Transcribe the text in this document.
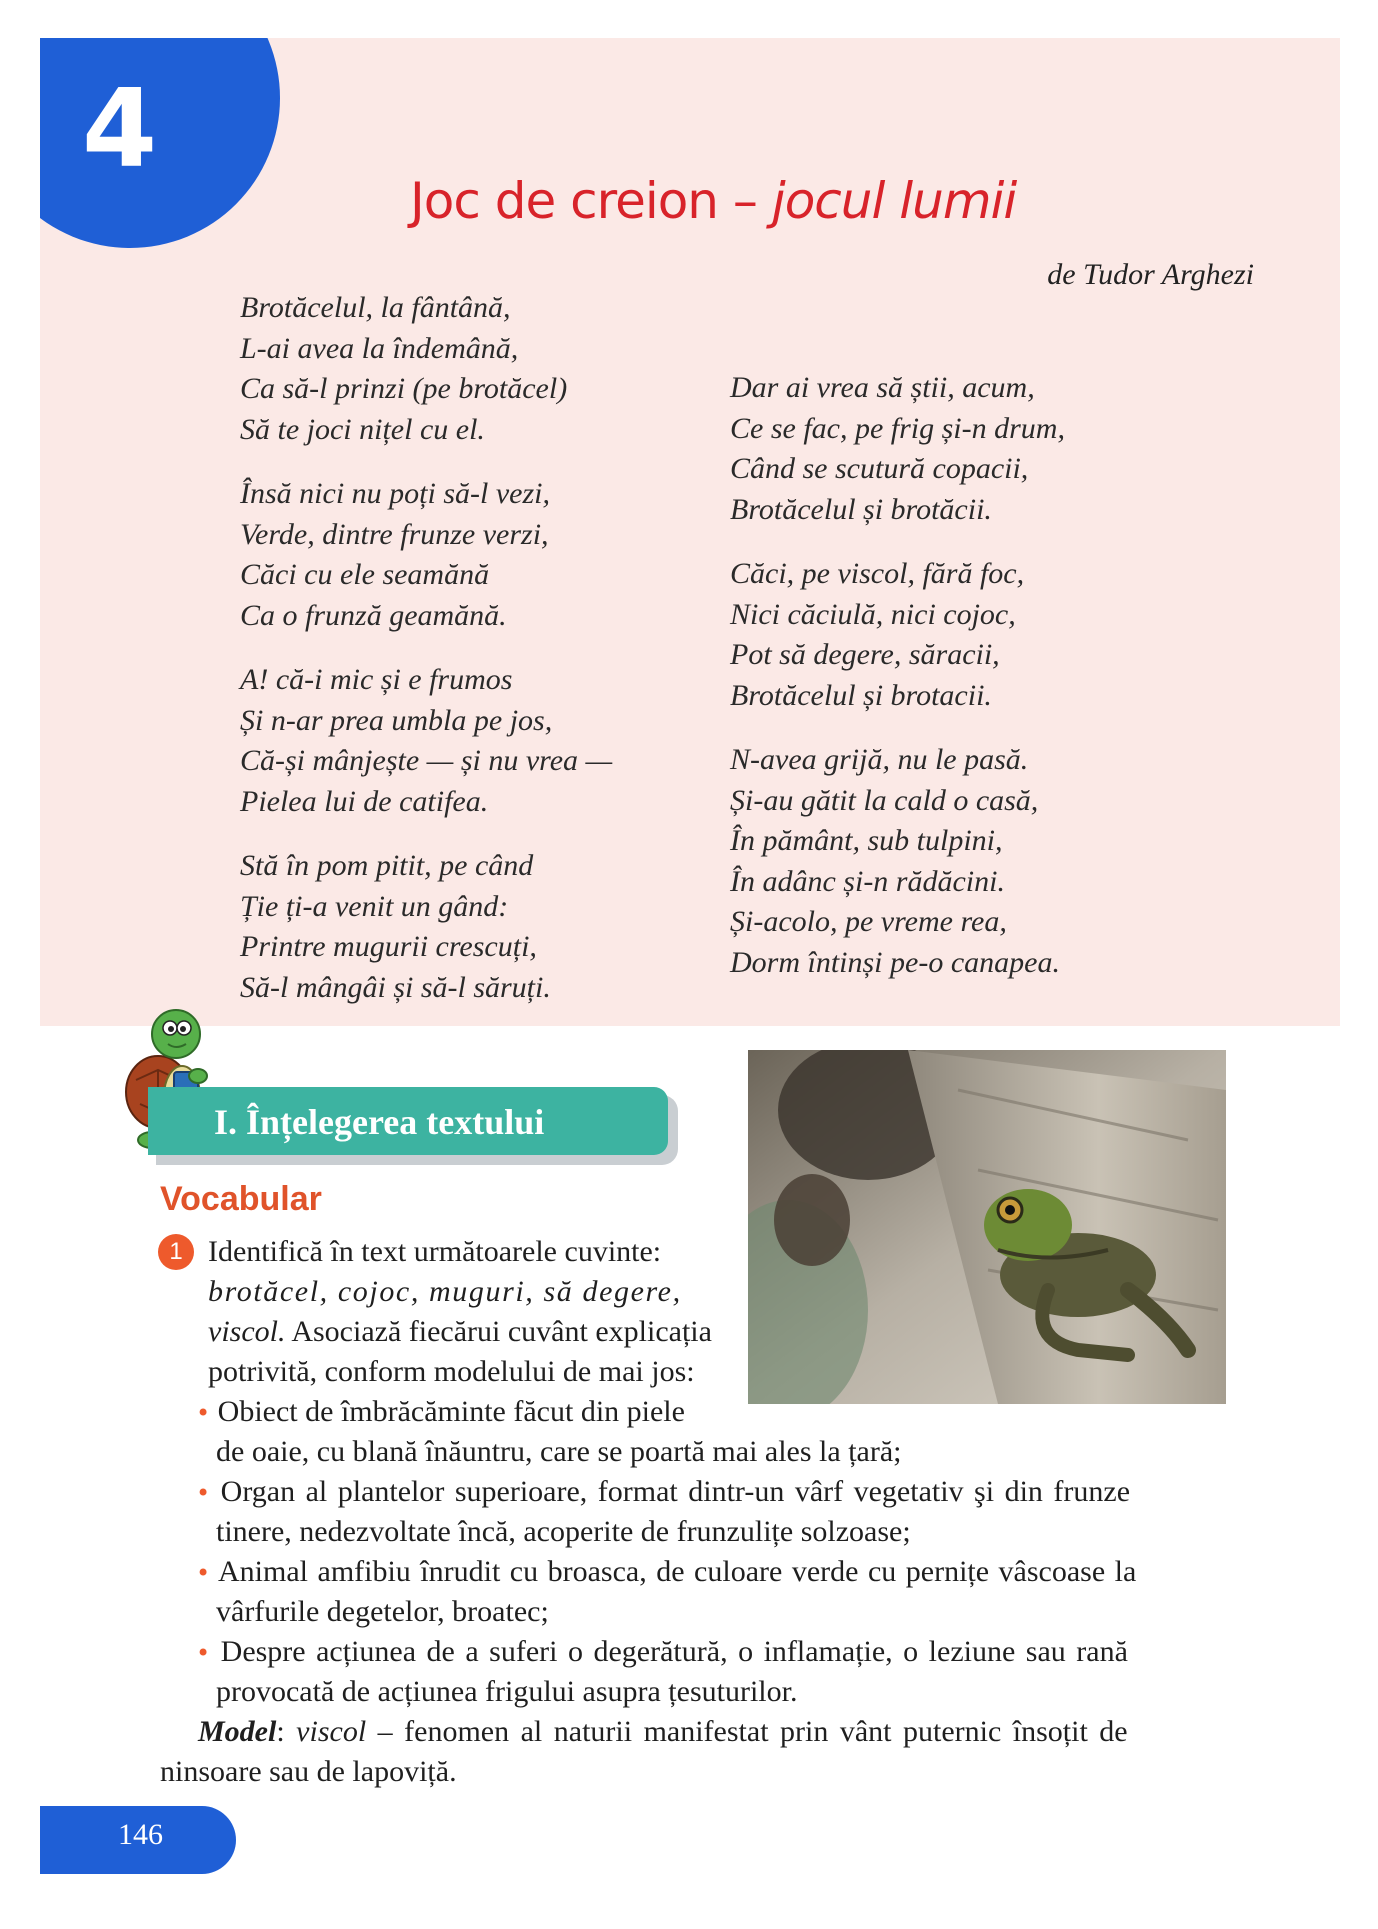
4
Joc de creion – jocul lumii
de Tudor Arghezi
Brotăcelul, la fântână,
L-ai avea la îndemână,
Ca să-l prinzi (pe brotăcel)
Să te joci nițel cu el.
Însă nici nu poți să-l vezi,
Verde, dintre frunze verzi,
Căci cu ele seamănă
Ca o frunză geamănă.
A! că-i mic și e frumos
Și n-ar prea umbla pe jos,
Că-și mânjește — și nu vrea —
Pielea lui de catifea.
Stă în pom pitit, pe când
Ție ți-a venit un gând:
Printre mugurii crescuți,
Să-l mângâi și să-l săruți.
Dar ai vrea să știi, acum,
Ce se fac, pe frig și-n drum,
Când se scutură copacii,
Brotăcelul și brotăcii.
Căci, pe viscol, fără foc,
Nici căciulă, nici cojoc,
Pot să degere, săracii,
Brotăcelul și brotacii.
N-avea grijă, nu le pasă.
Și-au gătit la cald o casă,
În pământ, sub tulpini,
În adânc și-n rădăcini.
Și-acolo, pe vreme rea,
Dorm întinși pe-o canapea.
I. Înțelegerea textului
Vocabular
1 Identifică în text următoarele cuvinte:
brotăcel, cojoc, muguri, să degere,
viscol. Asociază fiecărui cuvânt explicația
potrivită, conform modelului de mai jos:
• Obiect de îmbrăcăminte făcut din piele
de oaie, cu blană înăuntru, care se poartă mai ales la țară;
• Organ al plantelor superioare, format dintr-un vârf vegetativ şi din frunze
tinere, nedezvoltate încă, acoperite de frunzulițe solzoase;
• Animal amfibiu înrudit cu broasca, de culoare verde cu pernițe vâscoase la
vârfurile degetelor, broatec;
• Despre acțiunea de a suferi o degerătură, o inflamație, o leziune sau rană
provocată de acțiunea frigului asupra țesuturilor.
Model: viscol – fenomen al naturii manifestat prin vânt puternic însoțit de
ninsoare sau de lapoviță.
146
